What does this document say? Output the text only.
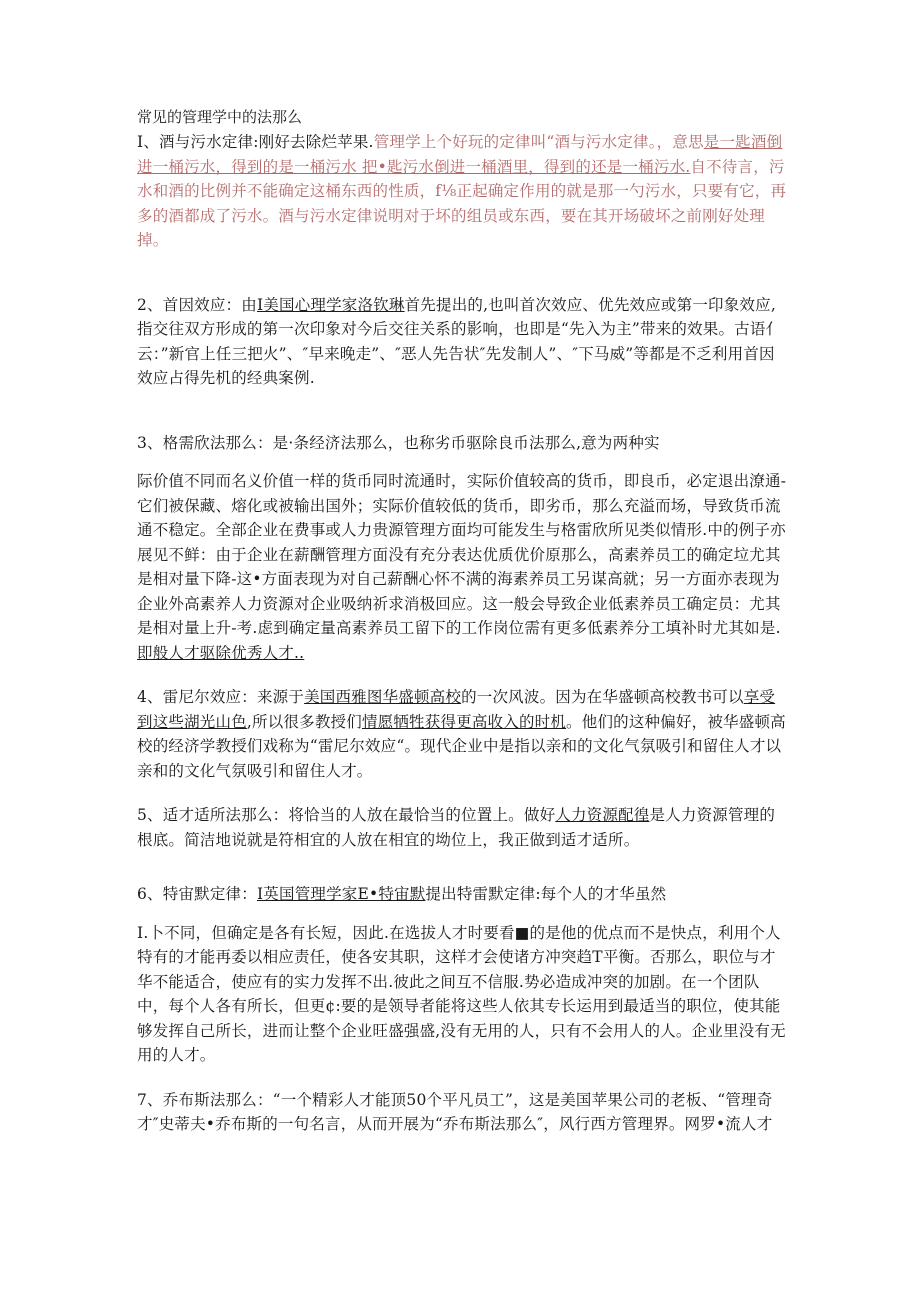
常见的管理学中的法那么

I、酒与污水定律:刚好去除烂苹果.管理学上个好玩的定律叫“酒与污水定律。，意思是一匙酒倒进一桶污水，得到的是一桶污水 把•匙污水倒进一桶酒里，得到的还是一桶污水.自不待言，污水和酒的比例并不能确定这桶东西的性质，f⅛正起确定作用的就是那一勺污水，只要有它，再多的酒都成了污水。酒与污水定律说明对于坏的组员或东西，要在其开场破坏之前刚好处理掉。

2、首因效应：由I美国心理学家洛钦琳首先提出的,也叫首次效应、优先效应或第一印象效应,指交往双方形成的第一次印象对今后交往关系的影响，也即是“先入为主”带来的效果。古语亻云：”新官上任三把火”、″早来晚走”、″恶人先告状″先发制人”、″下马威”等都是不乏利用首因效应占得先机的经典案例.

3、格需欣法那么：是·条经济法那么，也称劣币驱除良币法那么,意为两种实

际价值不同而名义价值一样的货币同时流通时，实际价值较高的货币，即良币，必定退出潦通-它们被保藏、熔化或被输出国外；实际价值较低的货币，即劣币，那么充溢而场，导致货币流通不稳定。全部企业在费事或人力贵源管理方面均可能发生与格雷欣所见类似情形.中的例子亦展见不鲜：由于企业在薪酬管理方面没有充分表达优质优价原那么，高素养员工的确定垃尤其是相对量下降-这•方面表现为对自己薪酬心怀不满的海素养员工另谋高就；另一方面亦表现为企业外高素养人力资源对企业吸纳祈求消极回应。这一般会导致企业低素养员工确定员：尤其是相对量上升-考.虑到确定量高素养员工留下的工作岗位需有更多低素养分工填补时尤其如是.即般人才驱除优秀人才..

4、雷尼尔效应：来源于美国西雅图华盛顿高校的一次风波。因为在华盛顿高校教书可以享受到这些湖光山色,所以很多教授们情愿牺牲获得更高收入的时机。他们的这种偏好，被华盛顿高校的经济学教授们戏称为“雷尼尔效应“。现代企业中是指以亲和的文化气氛吸引和留住人才以亲和的文化气氛吸引和留住人才。

5、适才适所法那么：将恰当的人放在最恰当的位置上。做好人力资源配徨是人力资源管理的根底。简洁地说就是符相宜的人放在相宜的坳位上，我正做到适才适所。

6、特宙默定律：I英国管理学家E•特宙默提出特雷默定律:每个人的才华虽然

I.卜不同，但确定是各有长短，因此.在选拔人才时要看■的是他的优点而不是快点，利用个人特有的才能再委以相应责任，使各安其职，这样才会使诸方冲突趋T平衡。否那么，职位与才华不能适合，使应有的实力发挥不出.彼此之间互不信服.势必造成冲突的加剧。在一个团队中，每个人各有所长，但更¢:要的是领导者能将这些人依其专长运用到最适当的职位，使其能够发挥自己所长，进而让整个企业旺盛强盛,没有无用的人，只有不会用人的人。企业里没有无用的人才。

7、乔布斯法那么：“一个精彩人才能顶50个平凡员工”，这是美国苹果公司的老板、“管理奇才″史蒂夫•乔布斯的一句名言，从而开展为“乔布斯法那么″，风行西方管理界。网罗•流人才
